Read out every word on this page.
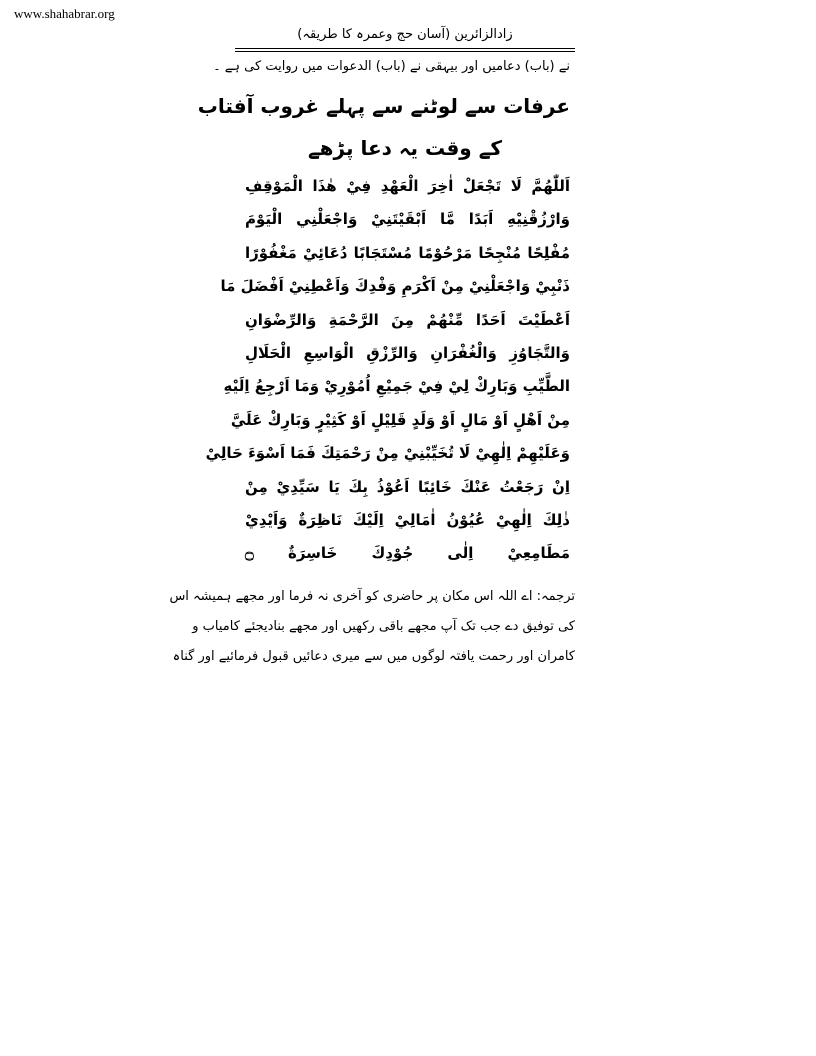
www.shahabrar.org
زادالزائرین (آسان حج وعمرہ کا طریقہ)
نے (باب) دعامیں اور بیہقی نے (باب) الدعوات میں روایت کی ہے ۔
عرفات سے لوٹنے سے پہلے غروب آفتاب
کے وقت یہ دعا پڑھے
اَللّٰهُمَّ لَا تَجْعَلْ اٰخِرَ الْعَهْدِ فِيْ هٰذَا الْمَوْقِفِ
وَارْزُقْنِيْهِ اَبَدًا مَّا اَبْقَيْتَنِيْ وَاجْعَلْنِي الْيَوْمَ
مُفْلِحًا مُنْجِحًا مَرْحُوْمًا مُسْتَجَابًا دُعَائِيْ مَغْفُوْرًا
ذَنْبِيْ وَاجْعَلْنِيْ مِنْ اَكْرَمِ وَفْدِكَ وَاَعْطِنِيْ اَفْضَلَ مَا
اَعْطَيْتَ اَحَدًا مِّنْهُمْ مِنَ الرَّحْمَةِ وَالرِّضْوَانِ
وَالتَّجَاوُزِ وَالْغُفْرَانِ وَالرِّزْقِ الْوَاسِعِ الْحَلَالِ
الطَّيِّبِ وَبَارِكْ لِيْ فِيْ جَمِيْعِ اُمُوْرِيْ وَمَا اَرْجِعُ اِلَيْهِ
مِنْ اَهْلٍ اَوْ مَالٍ اَوْ وَلَدٍ قَلِيْلٍ اَوْ كَثِيْرٍ وَبَارِكْ عَلَيَّ
وَعَلَيْهِمْ اِلٰهِيْ لَا تُخَيِّبْنِيْ مِنْ رَحْمَتِكَ فَمَا اَسْوَءَ حَالِيْ
اِنْ رَجَعْتُ عَنْكَ خَائِبًا اَعُوْذُ بِكَ يَا سَيِّدِيْ مِنْ
ذٰلِكَ اِلٰهِيْ عُيُوْنُ اٰمَالِيْ اِلَيْكَ نَاظِرَةٌ وَاَيْدِيْ
مَطَامِعِيْ اِلٰى جُوْدِكَ خَاسِرَةٌ ۝
ترجمہ: اے اللہ اس مکان پر حاضری کو آخری نہ فرما اور مجھے ہمیشہ اس
کی توفیق دے جب تک آپ مجھے باقی رکھیں اور مجھے بنادیجئے کامیاب و
کامران اور رحمت یافتہ لوگوں میں سے میری دعائیں قبول فرمائیے اور گناہ
